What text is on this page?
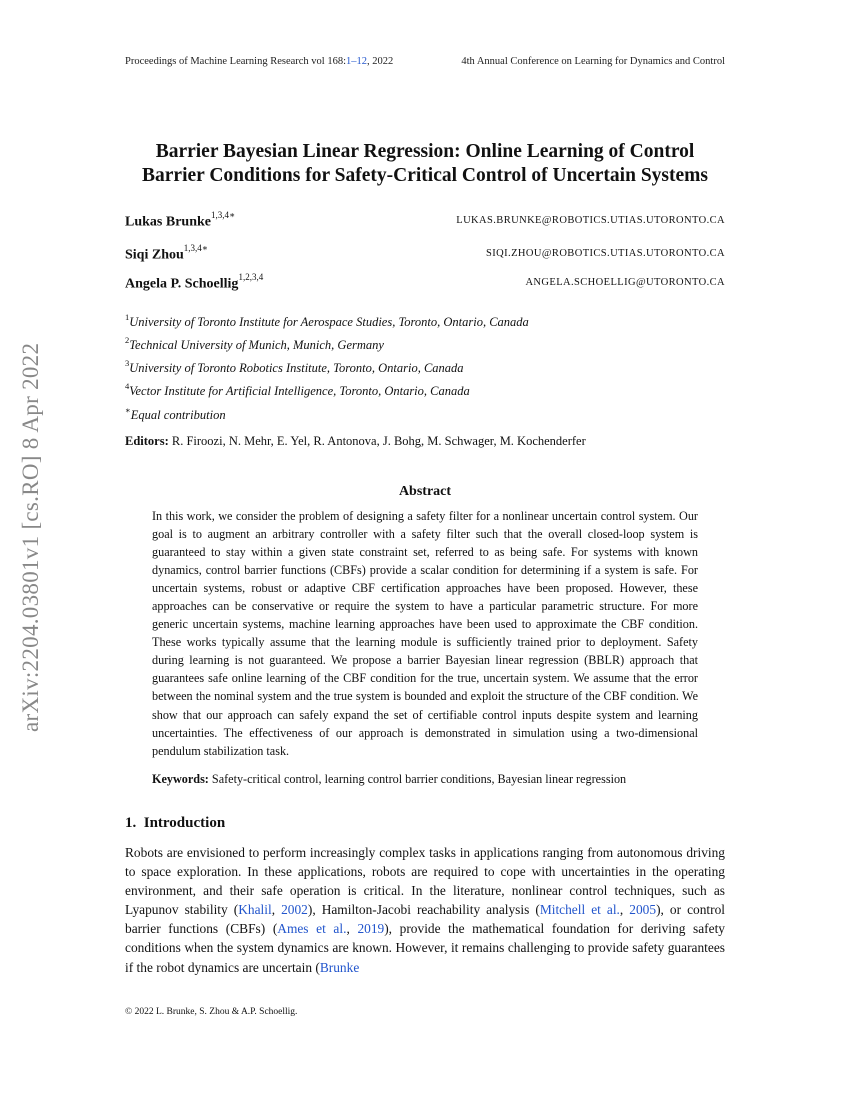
Proceedings of Machine Learning Research vol 168:1–12, 2022	4th Annual Conference on Learning for Dynamics and Control
arXiv:2204.03801v1 [cs.RO] 8 Apr 2022
Barrier Bayesian Linear Regression: Online Learning of Control Barrier Conditions for Safety-Critical Control of Uncertain Systems
Lukas Brunke$^{1,3,4∗}$	LUKAS.BRUNKE@ROBOTICS.UTIAS.UTORONTO.CA
Siqi Zhou$^{1,3,4∗}$	SIQI.ZHOU@ROBOTICS.UTIAS.UTORONTO.CA
Angela P. Schoellig$^{1,2,3,4}$	ANGELA.SCHOELLIG@UTORONTO.CA
$^1$University of Toronto Institute for Aerospace Studies, Toronto, Ontario, Canada
$^2$Technical University of Munich, Munich, Germany
$^3$University of Toronto Robotics Institute, Toronto, Ontario, Canada
$^4$Vector Institute for Artificial Intelligence, Toronto, Ontario, Canada
∗Equal contribution
Editors: R. Firoozi, N. Mehr, E. Yel, R. Antonova, J. Bohg, M. Schwager, M. Kochenderfer
Abstract
In this work, we consider the problem of designing a safety filter for a nonlinear uncertain control system. Our goal is to augment an arbitrary controller with a safety filter such that the overall closed-loop system is guaranteed to stay within a given state constraint set, referred to as being safe. For systems with known dynamics, control barrier functions (CBFs) provide a scalar condition for determining if a system is safe. For uncertain systems, robust or adaptive CBF certification approaches have been proposed. However, these approaches can be conservative or require the system to have a particular parametric structure. For more generic uncertain systems, machine learning approaches have been used to approximate the CBF condition. These works typically assume that the learning module is sufficiently trained prior to deployment. Safety during learning is not guaranteed. We propose a barrier Bayesian linear regression (BBLR) approach that guarantees safe online learning of the CBF condition for the true, uncertain system. We assume that the error between the nominal system and the true system is bounded and exploit the structure of the CBF condition. We show that our approach can safely expand the set of certifiable control inputs despite system and learning uncertainties. The effectiveness of our approach is demonstrated in simulation using a two-dimensional pendulum stabilization task.
Keywords: Safety-critical control, learning control barrier conditions, Bayesian linear regression
1. Introduction
Robots are envisioned to perform increasingly complex tasks in applications ranging from autonomous driving to space exploration. In these applications, robots are required to cope with uncertainties in the operating environment, and their safe operation is critical. In the literature, nonlinear control techniques, such as Lyapunov stability (Khalil, 2002), Hamilton-Jacobi reachability analysis (Mitchell et al., 2005), or control barrier functions (CBFs) (Ames et al., 2019), provide the mathematical foundation for deriving safety conditions when the system dynamics are known. However, it remains challenging to provide safety guarantees if the robot dynamics are uncertain (Brunke
© 2022 L. Brunke, S. Zhou & A.P. Schoellig.
